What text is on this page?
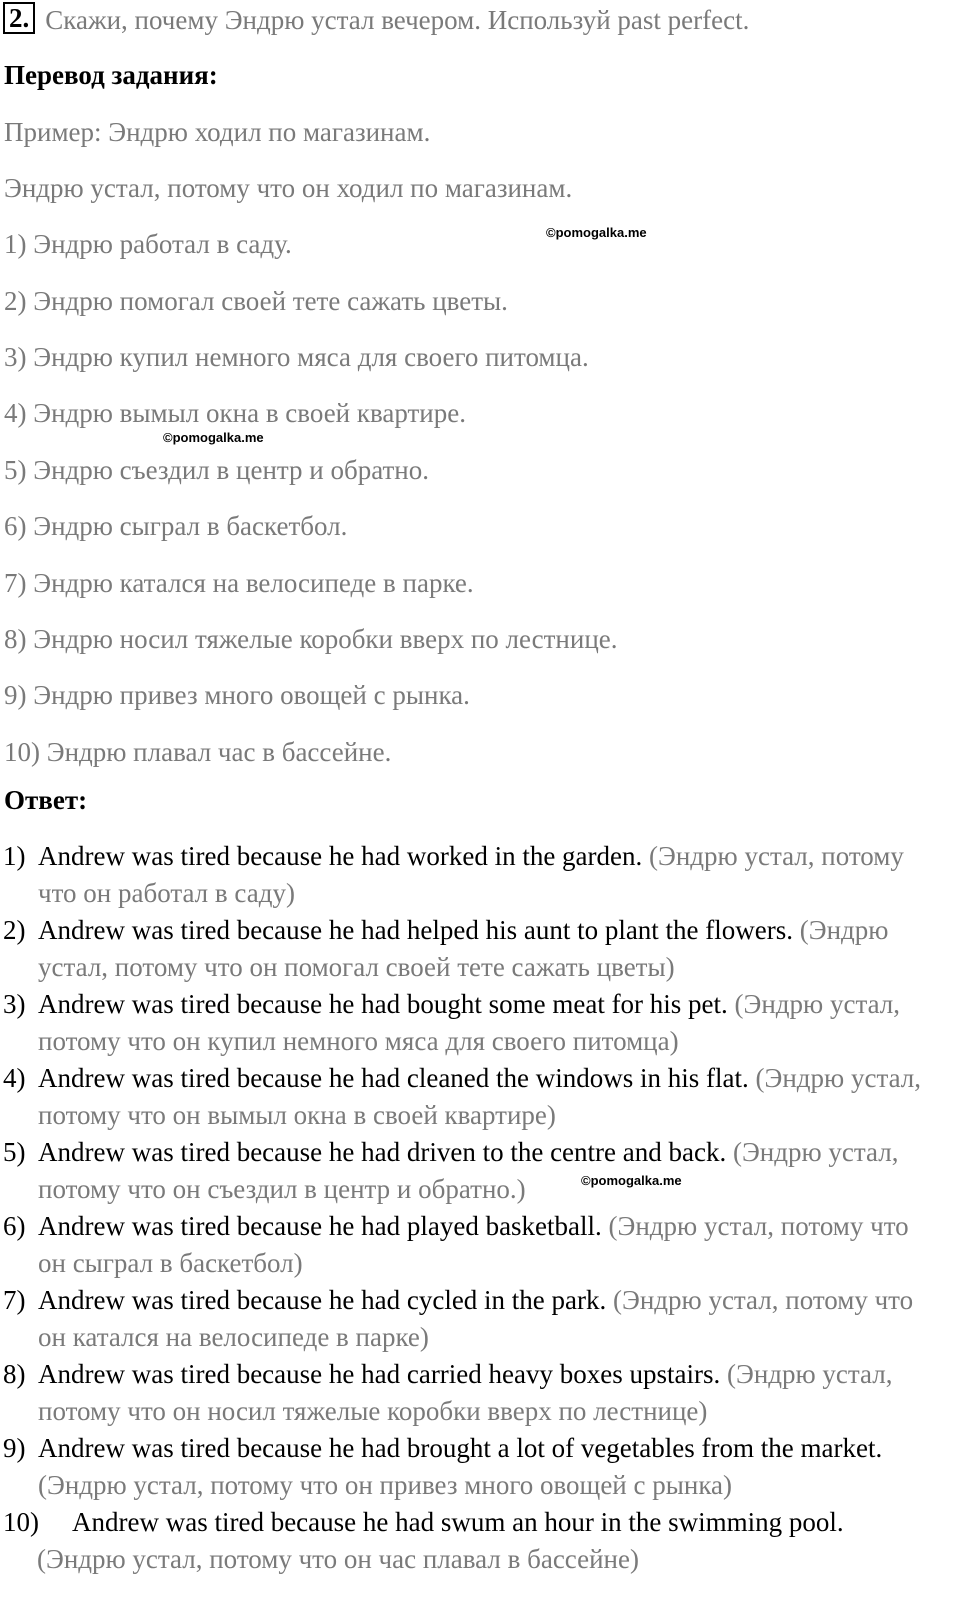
2. Скажи, почему Эндрю устал вечером. Используй past perfect.
Перевод задания:
Пример: Эндрю ходил по магазинам.
Эндрю устал, потому что он ходил по магазинам.
1) Эндрю работал в саду.
2) Эндрю помогал своей тете сажать цветы.
3) Эндрю купил немного мяса для своего питомца.
4) Эндрю вымыл окна в своей квартире.
5) Эндрю съездил в центр и обратно.
6) Эндрю сыграл в баскетбол.
7) Эндрю катался на велосипеде в парке.
8) Эндрю носил тяжелые коробки вверх по лестнице.
9) Эндрю привез много овощей с рынка.
10) Эндрю плавал час в бассейне.
©pomogalka.me
©pomogalka.me
©pomogalka.me
Ответ:
1) Andrew was tired because he had worked in the garden. (Эндрю устал, потому что он работал в саду)
2) Andrew was tired because he had helped his aunt to plant the flowers. (Эндрю устал, потому что он помогал своей тете сажать цветы)
3) Andrew was tired because he had bought some meat for his pet. (Эндрю устал, потому что он купил немного мяса для своего питомца)
4) Andrew was tired because he had cleaned the windows in his flat. (Эндрю устал, потому что он вымыл окна в своей квартире)
5) Andrew was tired because he had driven to the centre and back. (Эндрю устал, потому что он съездил в центр и обратно.)
6) Andrew was tired because he had played basketball. (Эндрю устал, потому что он сыграл в баскетбол)
7) Andrew was tired because he had cycled in the park. (Эндрю устал, потому что он катался на велосипеде в парке)
8) Andrew was tired because he had carried heavy boxes upstairs. (Эндрю устал, потому что он носил тяжелые коробки вверх по лестнице)
9) Andrew was tired because he had brought a lot of vegetables from the market. (Эндрю устал, потому что он привез много овощей с рынка)
10) Andrew was tired because he had swum an hour in the swimming pool.
(Эндрю устал, потому что он час плавал в бассейне)
